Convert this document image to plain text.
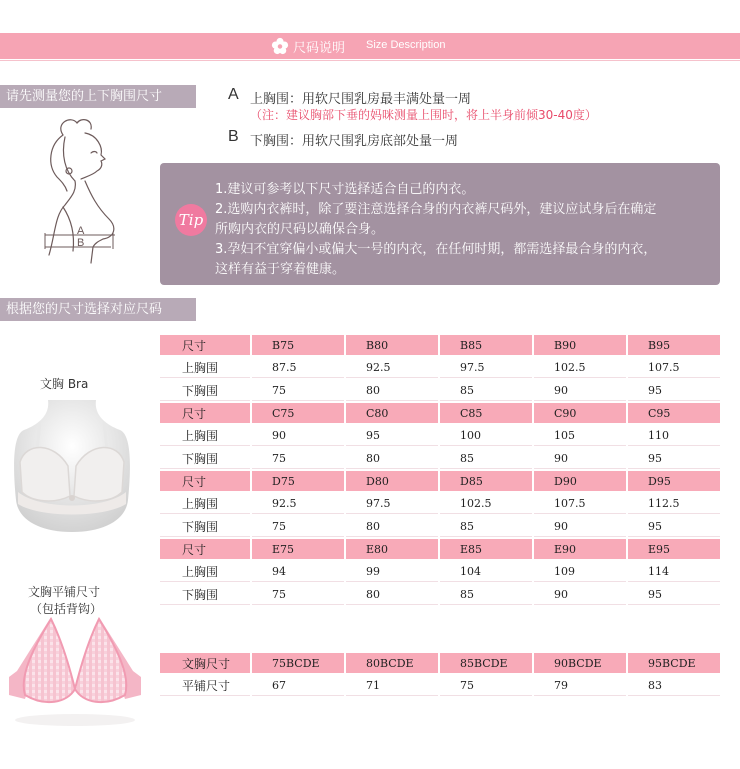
尺码说明 Size Description
请先测量您的上下胸围尺寸
A
B
A 上胸围：用软尺围乳房最丰满处量一周
（注：建议胸部下垂的妈咪测量上围时，将上半身前倾30-40度）
B 下胸围：用软尺围乳房底部处量一周
Tip
1.建议可参考以下尺寸选择适合自己的内衣。
2.选购内衣裤时，除了要注意选择合身的内衣裤尺码外，建议应试身后在确定
所购内衣的尺码以确保合身。
3.孕妇不宜穿偏小或偏大一号的内衣，在任何时期，都需选择最合身的内衣，
这样有益于穿着健康。
根据您的尺寸选择对应尺码
文胸 Bra
文胸平铺尺寸
（包括背钩）
尺寸	B75	B80	B85	B90	B95
上胸围	87.5	92.5	97.5	102.5	107.5
下胸围	75	80	85	90	95
尺寸	C75	C80	C85	C90	C95
上胸围	90	95	100	105	110
下胸围	75	80	85	90	95
尺寸	D75	D80	D85	D90	D95
上胸围	92.5	97.5	102.5	107.5	112.5
下胸围	75	80	85	90	95
尺寸	E75	E80	E85	E90	E95
上胸围	94	99	104	109	114
下胸围	75	80	85	90	95
文胸尺寸	75BCDE	80BCDE	85BCDE	90BCDE	95BCDE
平铺尺寸	67	71	75	79	83
